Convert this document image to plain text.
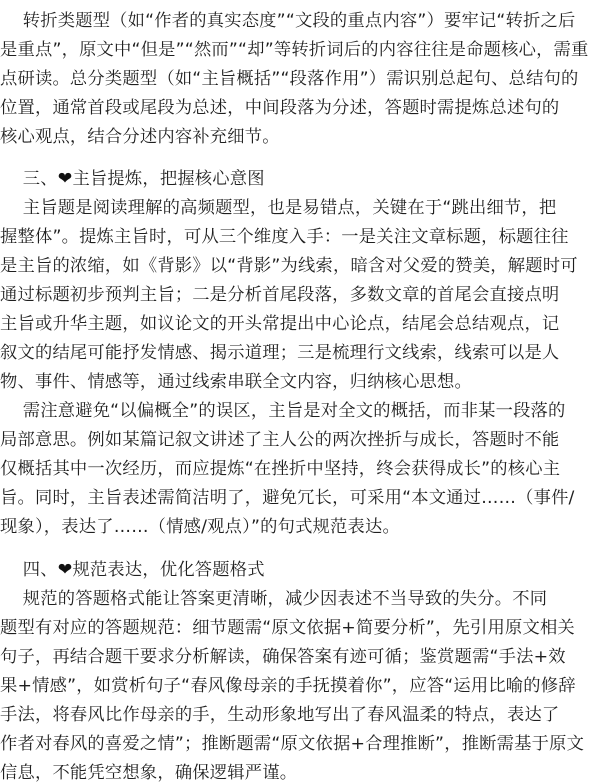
转折类题型（如“作者的真实态度”“文段的重点内容”）要牢记“转折之后
是重点”，原文中“但是”“然而”“却”等转折词后的内容往往是命题核心，需重
点研读。总分类题型（如“主旨概括”“段落作用”）需识别总起句、总结句的
位置，通常首段或尾段为总述，中间段落为分述，答题时需提炼总述句的
核心观点，结合分述内容补充细节。
三、❤主旨提炼，把握核心意图
主旨题是阅读理解的高频题型，也是易错点，关键在于“跳出细节，把
握整体”。提炼主旨时，可从三个维度入手：一是关注文章标题，标题往往
是主旨的浓缩，如《背影》以“背影”为线索，暗含对父爱的赞美，解题时可
通过标题初步预判主旨；二是分析首尾段落，多数文章的首尾会直接点明
主旨或升华主题，如议论文的开头常提出中心论点，结尾会总结观点，记
叙文的结尾可能抒发情感、揭示道理；三是梳理行文线索，线索可以是人
物、事件、情感等，通过线索串联全文内容，归纳核心思想。
需注意避免“以偏概全”的误区，主旨是对全文的概括，而非某一段落的
局部意思。例如某篇记叙文讲述了主人公的两次挫折与成长，答题时不能
仅概括其中一次经历，而应提炼“在挫折中坚持，终会获得成长”的核心主
旨。同时，主旨表述需简洁明了，避免冗长，可采用“本文通过……（事件/
现象），表达了……（情感/观点）”的句式规范表达。
四、❤规范表达，优化答题格式
规范的答题格式能让答案更清晰，减少因表述不当导致的失分。不同
题型有对应的答题规范：细节题需“原文依据+简要分析”，先引用原文相关
句子，再结合题干要求分析解读，确保答案有迹可循；鉴赏题需“手法+效
果+情感”，如赏析句子“春风像母亲的手抚摸着你”，应答“运用比喻的修辞
手法，将春风比作母亲的手，生动形象地写出了春风温柔的特点，表达了
作者对春风的喜爱之情”；推断题需“原文依据+合理推断”，推断需基于原文
信息，不能凭空想象，确保逻辑严谨。
